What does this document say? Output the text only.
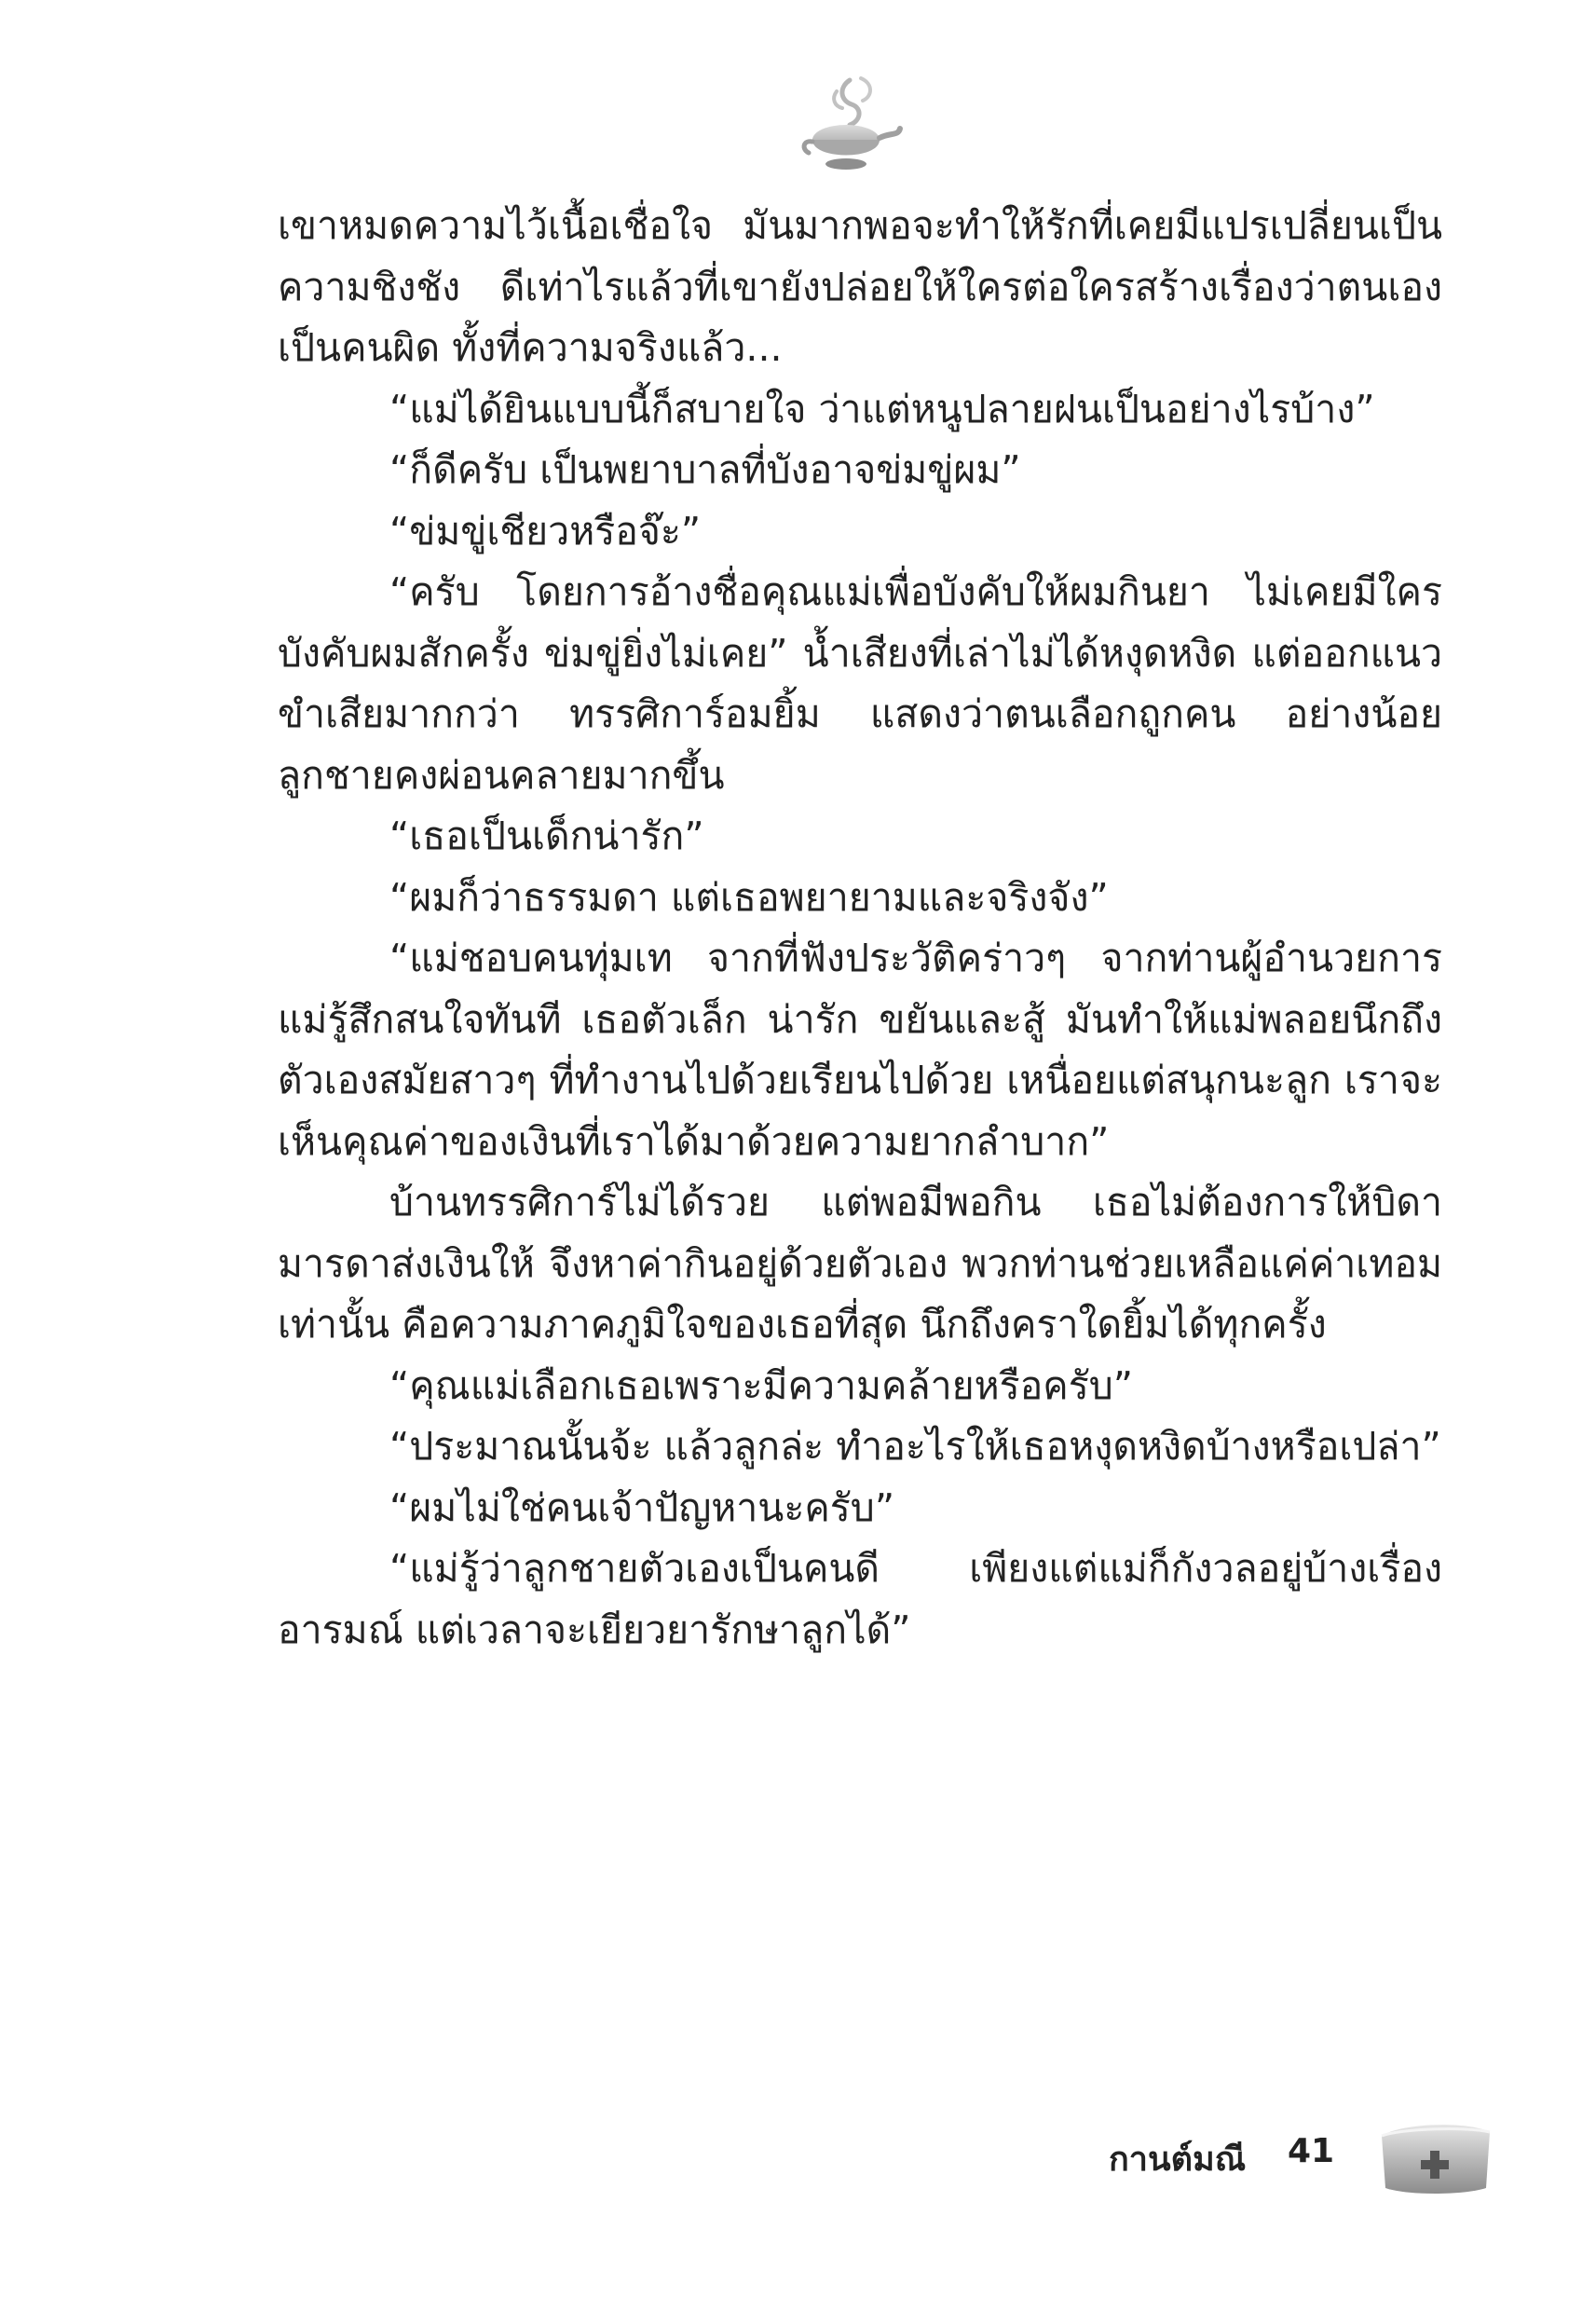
เขาหมดความไว้เนื้อเชื่อใจ มันมากพอจะทำให้รักที่เคยมีแปรเปลี่ยนเป็นความชิงชัง ดีเท่าไรแล้วที่เขายังปล่อยให้ใครต่อใครสร้างเรื่องว่าตนเองเป็นคนผิด ทั้งที่ความจริงแล้ว...

“แม่ได้ยินแบบนี้ก็สบายใจ ว่าแต่หนูปลายฝนเป็นอย่างไรบ้าง”

“ก็ดีครับ เป็นพยาบาลที่บังอาจข่มขู่ผม”

“ข่มขู่เชียวหรือจ๊ะ”

“ครับ โดยการอ้างชื่อคุณแม่เพื่อบังคับให้ผมกินยา ไม่เคยมีใครบังคับผมสักครั้ง ข่มขู่ยิ่งไม่เคย” น้ำเสียงที่เล่าไม่ได้หงุดหงิด แต่ออกแนวขำเสียมากกว่า ทรรศิการ์อมยิ้ม แสดงว่าตนเลือกถูกคน อย่างน้อยลูกชายคงผ่อนคลายมากขึ้น

“เธอเป็นเด็กน่ารัก”

“ผมก็ว่าธรรมดา แต่เธอพยายามและจริงจัง”

“แม่ชอบคนทุ่มเท จากที่ฟังประวัติคร่าวๆ จากท่านผู้อำนวยการแม่รู้สึกสนใจทันที เธอตัวเล็ก น่ารัก ขยันและสู้ มันทำให้แม่พลอยนึกถึงตัวเองสมัยสาวๆ ที่ทำงานไปด้วยเรียนไปด้วย เหนื่อยแต่สนุกนะลูก เราจะเห็นคุณค่าของเงินที่เราได้มาด้วยความยากลำบาก”

บ้านทรรศิการ์ไม่ได้รวย แต่พอมีพอกิน เธอไม่ต้องการให้บิดามารดาส่งเงินให้ จึงหาค่ากินอยู่ด้วยตัวเอง พวกท่านช่วยเหลือแค่ค่าเทอมเท่านั้น คือความภาคภูมิใจของเธอที่สุด นึกถึงคราใดยิ้มได้ทุกครั้ง

“คุณแม่เลือกเธอเพราะมีความคล้ายหรือครับ”

“ประมาณนั้นจ้ะ แล้วลูกล่ะ ทำอะไรให้เธอหงุดหงิดบ้างหรือเปล่า”

“ผมไม่ใช่คนเจ้าปัญหานะครับ”

“แม่รู้ว่าลูกชายตัวเองเป็นคนดี เพียงแต่แม่ก็กังวลอยู่บ้างเรื่องอารมณ์ แต่เวลาจะเยียวยารักษาลูกได้”

กานต์มณี 41
